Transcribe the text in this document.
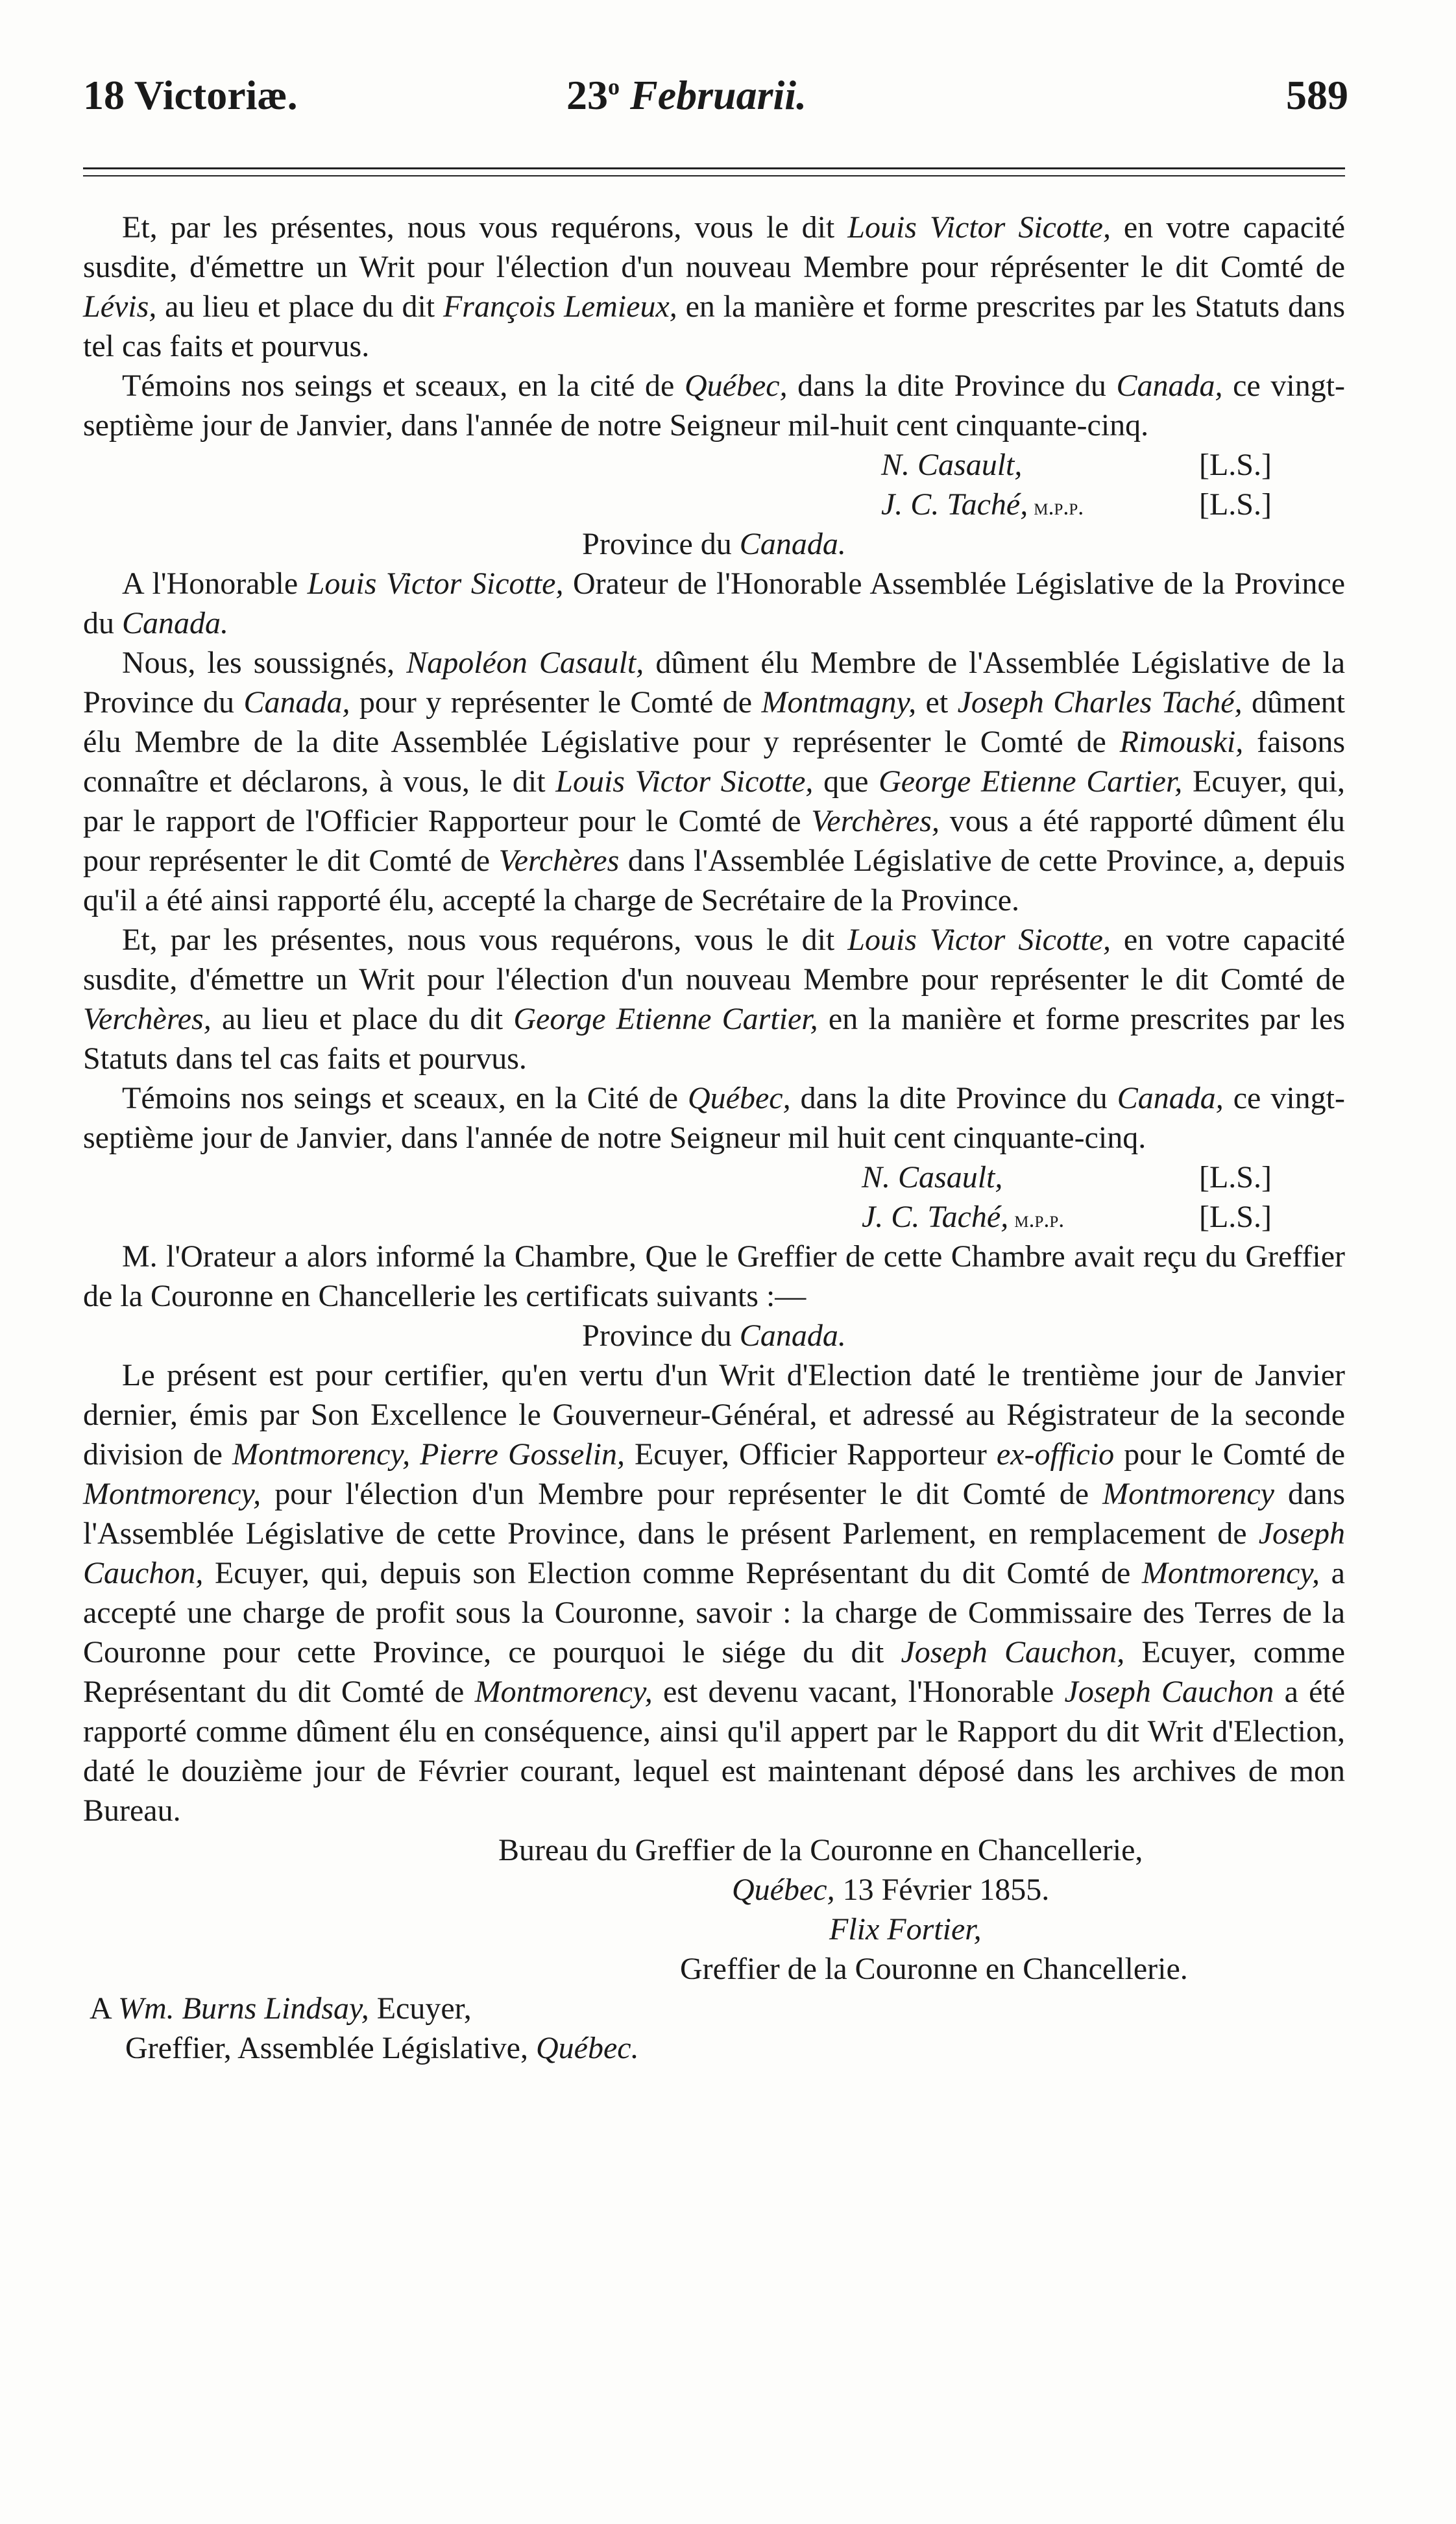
18 Victoriæ.	23$^o$ Februarii.	589

Et, par les présentes, nous vous requérons, vous le dit Louis Victor Sicotte, en votre capacité susdite, d'émettre un Writ pour l'élection d'un nouveau Membre pour réprésenter le dit Comté de Lévis, au lieu et place du dit François Lemieux, en la manière et forme prescrites par les Statuts dans tel cas faits et pourvus.

Témoins nos seings et sceaux, en la cité de Québec, dans la dite Province du Canada, ce vingt-septième jour de Janvier, dans l'année de notre Seigneur mil-huit cent cinquante-cinq.

N. Casault,	[L.S.]
J. C. Taché, m.p.p.	[L.S.]

Province du Canada.

A l'Honorable Louis Victor Sicotte, Orateur de l'Honorable Assemblée Législative de la Province du Canada.

Nous, les soussignés, Napoléon Casault, dûment élu Membre de l'Assemblée Législative de la Province du Canada, pour y représenter le Comté de Montmagny, et Joseph Charles Taché, dûment élu Membre de la dite Assemblée Législative pour y représenter le Comté de Rimouski, faisons connaître et déclarons, à vous, le dit Louis Victor Sicotte, que George Etienne Cartier, Ecuyer, qui, par le rapport de l'Officier Rapporteur pour le Comté de Verchères, vous a été rapporté dûment élu pour représenter le dit Comté de Verchères dans l'Assemblée Législative de cette Province, a, depuis qu'il a été ainsi rapporté élu, accepté la charge de Secrétaire de la Province.

Et, par les présentes, nous vous requérons, vous le dit Louis Victor Sicotte, en votre capacité susdite, d'émettre un Writ pour l'élection d'un nouveau Membre pour représenter le dit Comté de Verchères, au lieu et place du dit George Etienne Cartier, en la manière et forme prescrites par les Statuts dans tel cas faits et pourvus.

Témoins nos seings et sceaux, en la Cité de Québec, dans la dite Province du Canada, ce vingt-septième jour de Janvier, dans l'année de notre Seigneur mil huit cent cinquante-cinq.

N. Casault,	[L.S.]
J. C. Taché, m.p.p.	[L.S.]

M. l'Orateur a alors informé la Chambre, Que le Greffier de cette Chambre avait reçu du Greffier de la Couronne en Chancellerie les certificats suivants :—

Province du Canada.

Le présent est pour certifier, qu'en vertu d'un Writ d'Election daté le trentième jour de Janvier dernier, émis par Son Excellence le Gouverneur-Général, et adressé au Régistrateur de la seconde division de Montmorency, Pierre Gosselin, Ecuyer, Officier Rapporteur ex-officio pour le Comté de Montmorency, pour l'élection d'un Membre pour représenter le dit Comté de Montmorency dans l'Assemblée Législative de cette Province, dans le présent Parlement, en remplacement de Joseph Cauchon, Ecuyer, qui, depuis son Election comme Représentant du dit Comté de Montmorency, a accepté une charge de profit sous la Couronne, savoir : la charge de Commissaire des Terres de la Couronne pour cette Province, ce pourquoi le siége du dit Joseph Cauchon, Ecuyer, comme Représentant du dit Comté de Montmorency, est devenu vacant, l'Honorable Joseph Cauchon a été rapporté comme dûment élu en conséquence, ainsi qu'il appert par le Rapport du dit Writ d'Election, daté le douzième jour de Février courant, lequel est maintenant déposé dans les archives de mon Bureau.

Bureau du Greffier de la Couronne en Chancellerie,
Québec, 13 Février 1855.
Flix Fortier,
Greffier de la Couronne en Chancellerie.
A Wm. Burns Lindsay, Ecuyer,
Greffier, Assemblée Législative, Québec.
